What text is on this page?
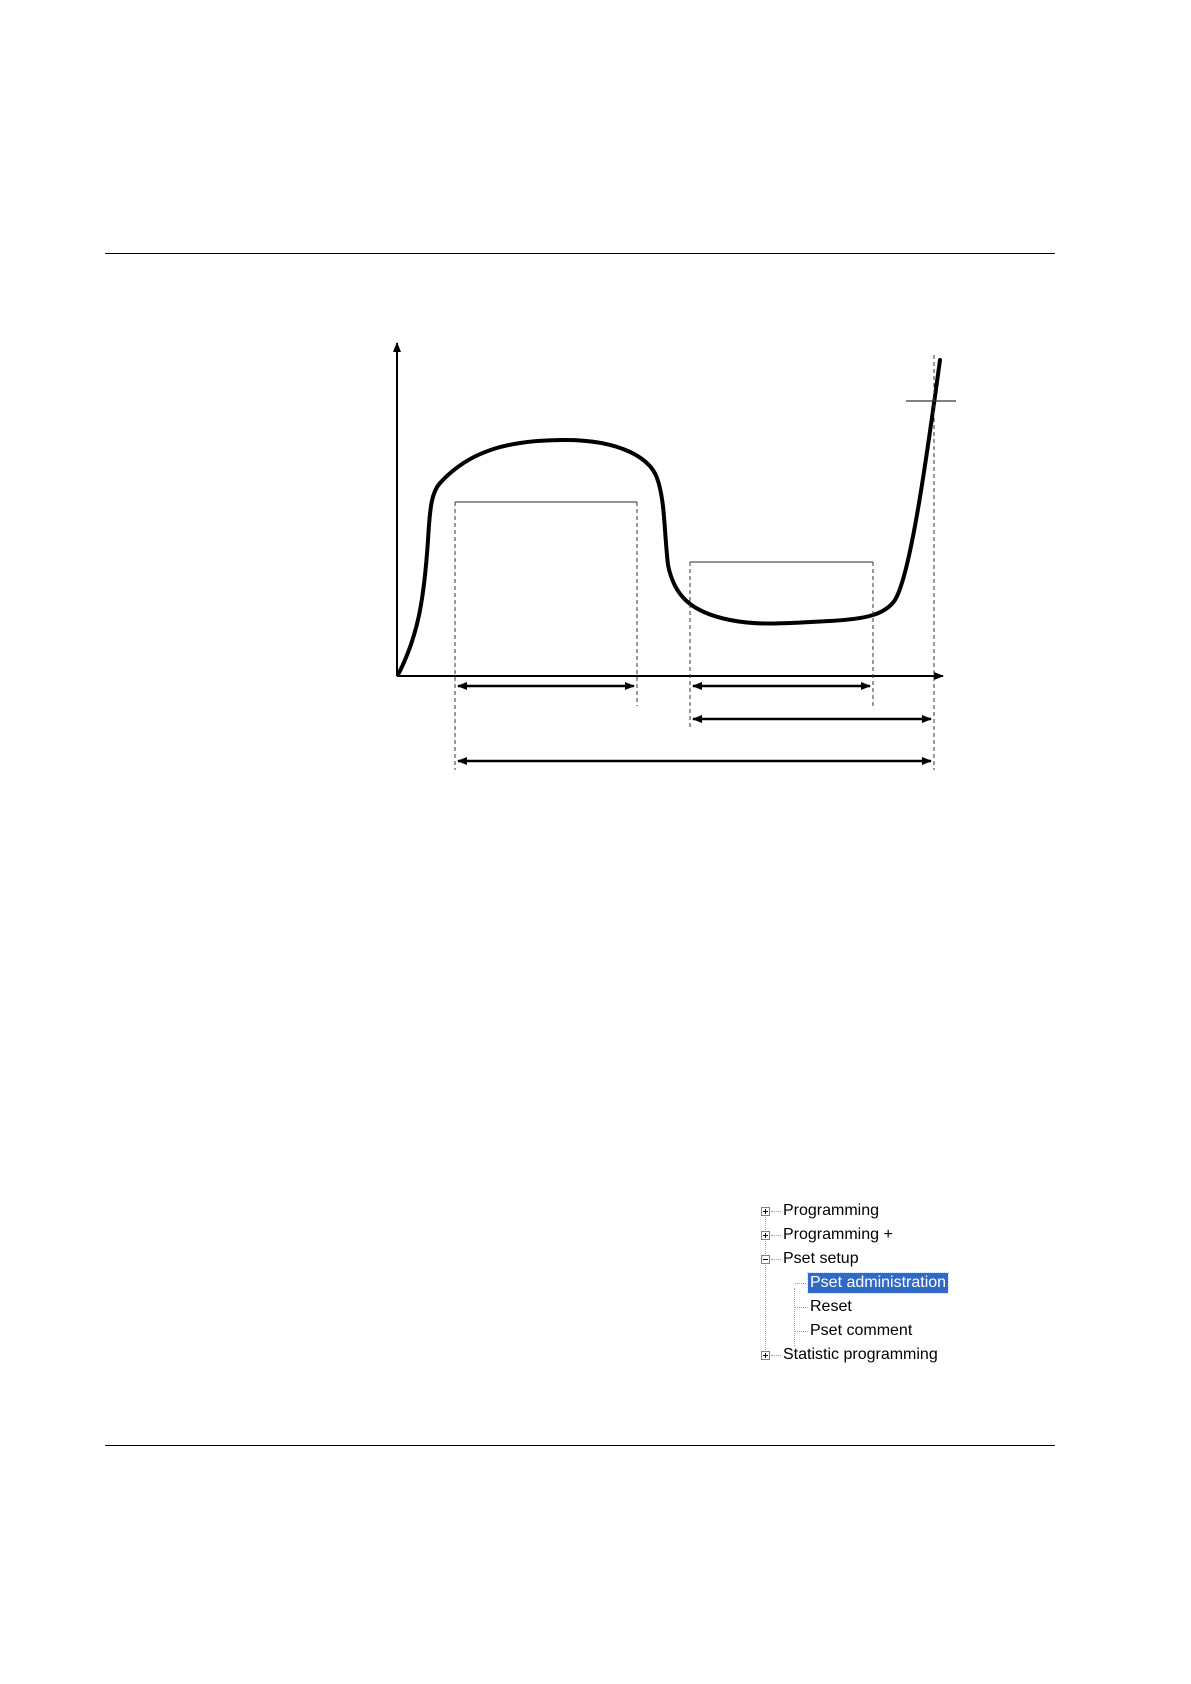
Programming
Programming +
Pset setup
Pset administration
Reset
Pset comment
Statistic programming
